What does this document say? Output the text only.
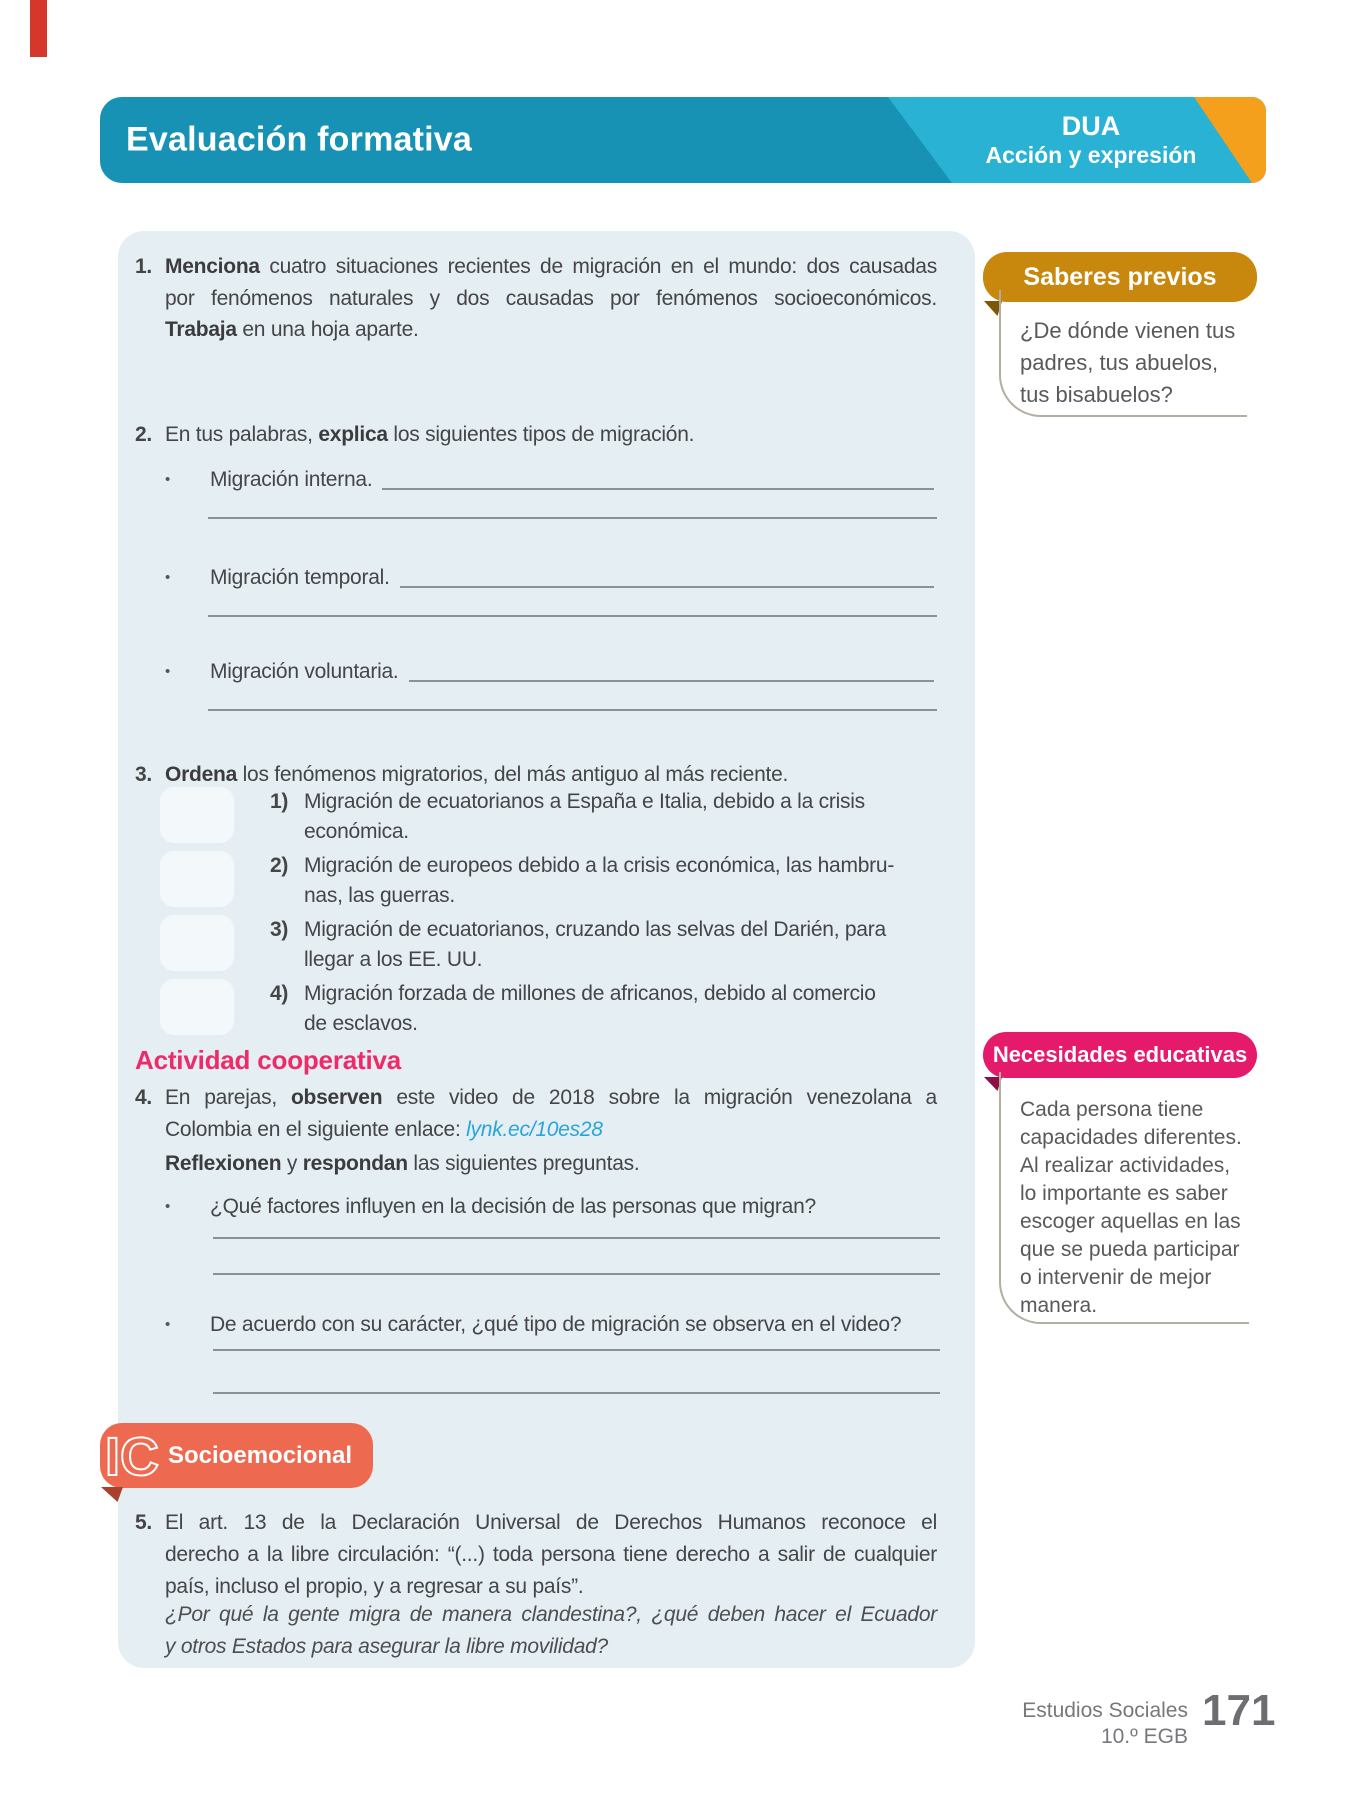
Evaluación formativa	DUA
Acción y expresión
1. Menciona cuatro situaciones recientes de migración en el mundo: dos causadas
por fenómenos naturales y dos causadas por fenómenos socioeconómicos.
Trabaja en una hoja aparte.
2. En tus palabras, explica los siguientes tipos de migración.
•	Migración interna.
•	Migración temporal.
•	Migración voluntaria.
3. Ordena los fenómenos migratorios, del más antiguo al más reciente.
1) Migración de ecuatorianos a España e Italia, debido a la crisis
económica.
2) Migración de europeos debido a la crisis económica, las hambru-
nas, las guerras.
3) Migración de ecuatorianos, cruzando las selvas del Darién, para
llegar a los EE. UU.
4) Migración forzada de millones de africanos, debido al comercio
de esclavos.
Actividad cooperativa
4. En parejas, observen este video de 2018 sobre la migración venezolana a
Colombia en el siguiente enlace: lynk.ec/10es28
Reflexionen y respondan las siguientes preguntas.
•	¿Qué factores influyen en la decisión de las personas que migran?
•	De acuerdo con su carácter, ¿qué tipo de migración se observa en el video?
5. El art. 13 de la Declaración Universal de Derechos Humanos reconoce el
derecho a la libre circulación: “(...) toda persona tiene derecho a salir de cualquier
país, incluso el propio, y a regresar a su país”.
¿Por qué la gente migra de manera clandestina?, ¿qué deben hacer el Ecuador
y otros Estados para asegurar la libre movilidad?
IC Socioemocional
Saberes previos
¿De dónde vienen tus
padres, tus abuelos,
tus bisabuelos?
Necesidades educativas
Cada persona tiene
capacidades diferentes.
Al realizar actividades,
lo importante es saber
escoger aquellas en las
que se pueda participar
o intervenir de mejor
manera.
Estudios Sociales
10.º EGB
171
